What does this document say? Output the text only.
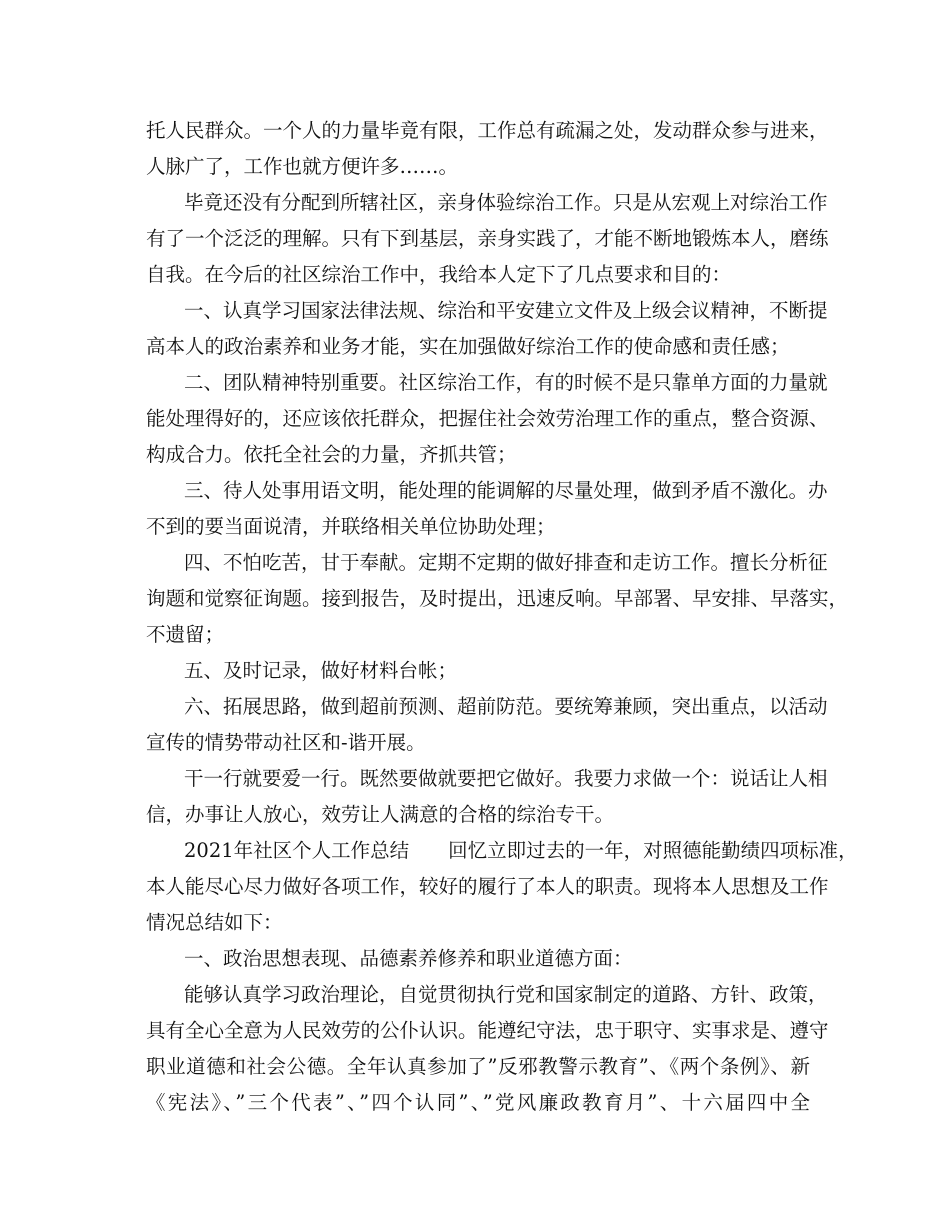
托人民群众。一个人的力量毕竟有限，工作总有疏漏之处，发动群众参与进来，
人脉广了，工作也就方便许多……。
毕竟还没有分配到所辖社区，亲身体验综治工作。只是从宏观上对综治工作
有了一个泛泛的理解。只有下到基层，亲身实践了，才能不断地锻炼本人，磨练
自我。在今后的社区综治工作中，我给本人定下了几点要求和目的：
一、认真学习国家法律法规、综治和平安建立文件及上级会议精神，不断提
高本人的政治素养和业务才能，实在加强做好综治工作的使命感和责任感；
二、团队精神特别重要。社区综治工作，有的时候不是只靠单方面的力量就
能处理得好的，还应该依托群众，把握住社会效劳治理工作的重点，整合资源、
构成合力。依托全社会的力量，齐抓共管；
三、待人处事用语文明，能处理的能调解的尽量处理，做到矛盾不激化。办
不到的要当面说清，并联络相关单位协助处理；
四、不怕吃苦，甘于奉献。定期不定期的做好排查和走访工作。擅长分析征
询题和觉察征询题。接到报告，及时提出，迅速反响。早部署、早安排、早落实，
不遗留；
五、及时记录，做好材料台帐；
六、拓展思路，做到超前预测、超前防范。要统筹兼顾，突出重点，以活动
宣传的情势带动社区和-谐开展。
干一行就要爱一行。既然要做就要把它做好。我要力求做一个：说话让人相
信，办事让人放心，效劳让人满意的合格的综治专干。
2021年社区个人工作总结　　回忆立即过去的一年，对照德能勤绩四项标准，
本人能尽心尽力做好各项工作，较好的履行了本人的职责。现将本人思想及工作
情况总结如下：
一、政治思想表现、品德素养修养和职业道德方面：
能够认真学习政治理论，自觉贯彻执行党和国家制定的道路、方针、政策，
具有全心全意为人民效劳的公仆认识。能遵纪守法，忠于职守、实事求是、遵守
职业道德和社会公德。全年认真参加了”反邪教警示教育”、《两个条例》、新
《宪法》、”三个代表”、”四个认同”、”党风廉政教育月”、十六届四中全
